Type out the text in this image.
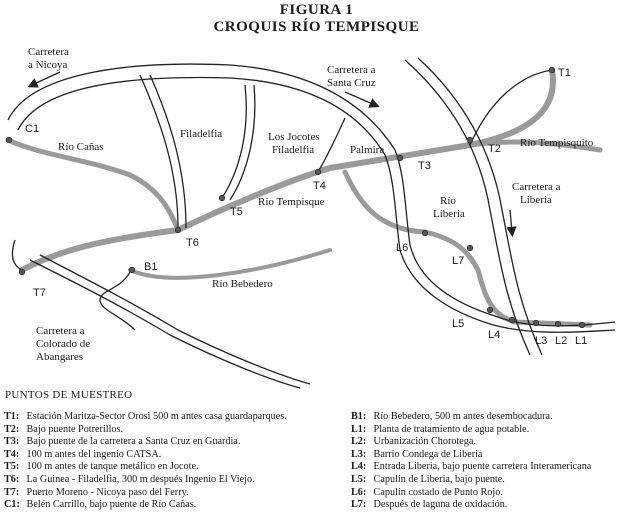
FIGURA 1
CROQUIS RÍO TEMPISQUE
Carretera
a Nicoya	Carretera a
Santa Cruz
Carretera a
Liberia
Carretera a
Colorado de
Abangares
Río Cañas
Filadelfia	Los Jocotes
Filadelfia	Palmira
Río Tempisque
Río Tempisquito
Río
Liberia
Río Bebedero
T1
T2
T3
T4
T5
T6
T7
C1
B1
L1
L2
L3
L4
L5
L6
L7
PUNTOS DE MUESTREO
T1: Estación Maritza-Sector Orosi 500 m antes casa guardaparques.
T2: Bajo puente Potrerillos.
T3: Bajo puente de la carretera a Santa Cruz en Guardia.
T4: 100 m antes del ingenio CATSA.
T5: 100 m antes de tanque metálico en Jocote.
T6: La Guinea - Filadelfia, 300 m después Ingenio El Viejo.
T7: Puerto Moreno - Nicoya paso del Ferry.
C1: Belén Carrillo, bajo puente de Río Cañas.
B1: Río Bebedero, 500 m antes desembocadura.
L1: Planta de tratamiento de agua potable.
L2: Urbanización Chorotega.
L3: Barrio Condega de Liberia
L4: Entrada Liberia, bajo puente carretera Interamericana
L5: Capulín de Liberia, bajo puente.
L6: Capulín costado de Punto Rojo.
L7: Después de laguna de oxidación.
